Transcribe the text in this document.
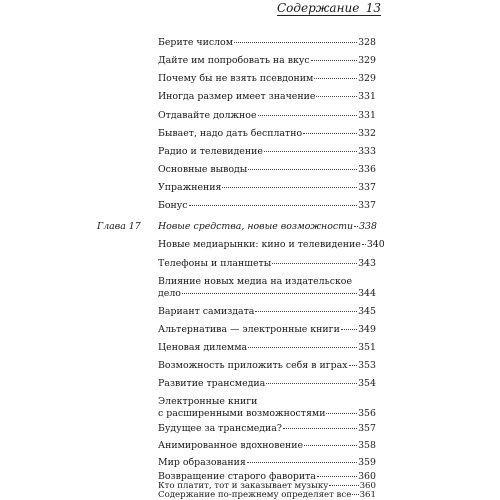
Содержание 13
Берите числом	328
Дайте им попробовать на вкус	329
Почему бы не взять псевдоним	329
Иногда размер имеет значение	331
Отдавайте должное	331
Бывает, надо дать бесплатно	332
Радио и телевидение	333
Основные выводы	336
Упражнения	337
Бонус	337
Глава 17 Новые средства, новые возможности 338
Новые медиарынки: кино и телевидение 340
Телефоны и планшеты	343
Влияние новых медиа на издательское
дело	344
Вариант самиздата	345
Альтернатива — электронные книги 349
Ценовая дилемма	351
Возможность приложить себя в играх 353
Развитие трансмедиа	354
Электронные книги
с расширенными возможностями	356
Будущее за трансмедиа?	357
Анимированное вдохновение	358
Мир образования	359
Возвращение старого фаворита	360
Кто платит, тот и заказывает музыку	360
Содержание по-прежнему определяет все 361
